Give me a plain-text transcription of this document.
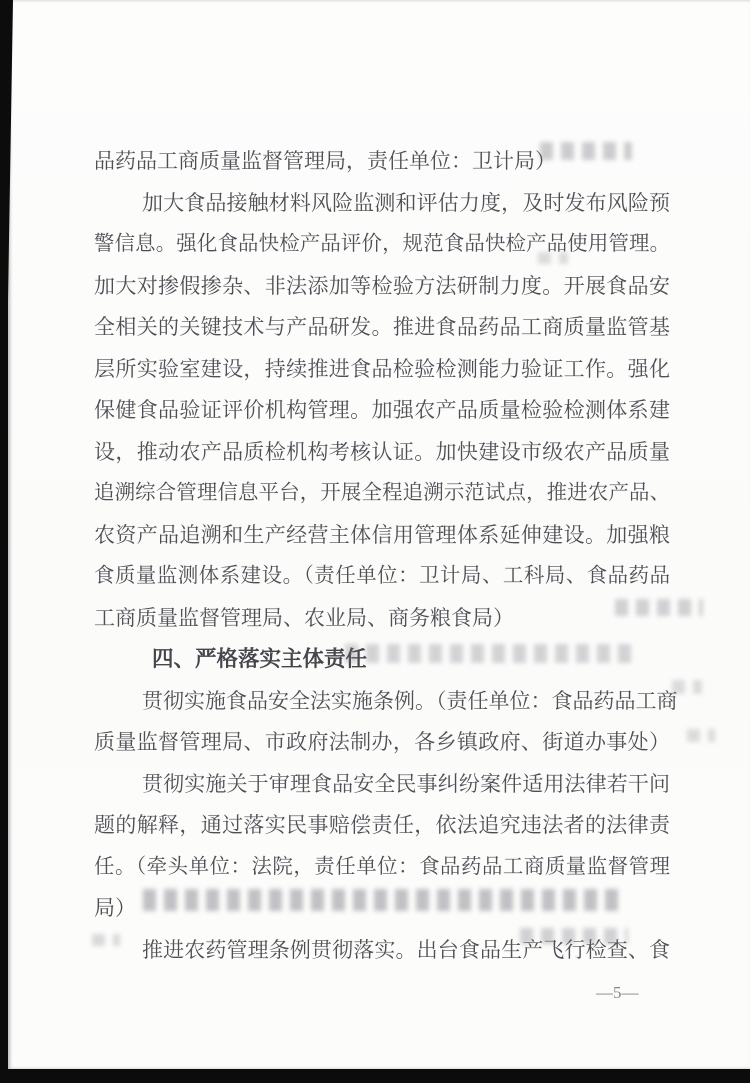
品药品工商质量监督管理局，责任单位：卫计局）
加大食品接触材料风险监测和评估力度，及时发布风险预
警信息。强化食品快检产品评价，规范食品快检产品使用管理。
加大对掺假掺杂、非法添加等检验方法研制力度。开展食品安
全相关的关键技术与产品研发。推进食品药品工商质量监管基
层所实验室建设，持续推进食品检验检测能力验证工作。强化
保健食品验证评价机构管理。加强农产品质量检验检测体系建
设，推动农产品质检机构考核认证。加快建设市级农产品质量
追溯综合管理信息平台，开展全程追溯示范试点，推进农产品、
农资产品追溯和生产经营主体信用管理体系延伸建设。加强粮
食质量监测体系建设。（责任单位：卫计局、工科局、食品药品
工商质量监督管理局、农业局、商务粮食局）
四、严格落实主体责任
贯彻实施食品安全法实施条例。（责任单位：食品药品工商
质量监督管理局、市政府法制办，各乡镇政府、街道办事处）
贯彻实施关于审理食品安全民事纠纷案件适用法律若干问
题的解释，通过落实民事赔偿责任，依法追究违法者的法律责
任。（牵头单位：法院，责任单位：食品药品工商质量监督管理
局）
推进农药管理条例贯彻落实。出台食品生产飞行检查、食
—5—
